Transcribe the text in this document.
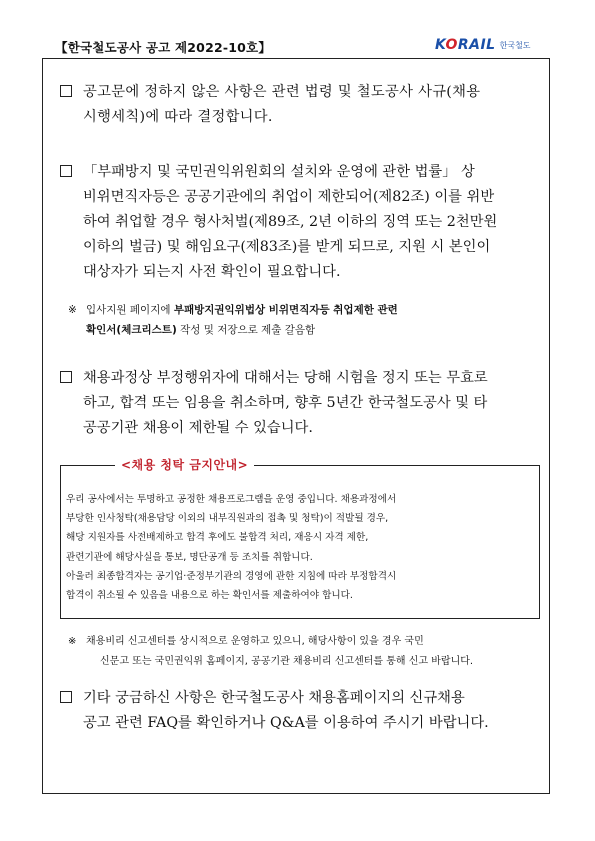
【한국철도공사 공고 제2022-10호】	KORAIL 한국철도
공고문에 정하지 않은 사항은 관련 법령 및 철도공사 사규(채용
시행세칙)에 따라 결정합니다.
「부패방지 및 국민권익위원회의 설치와 운영에 관한 법률」 상
비위면직자등은 공공기관에의 취업이 제한되어(제82조) 이를 위반
하여 취업할 경우 형사처벌(제89조, 2년 이하의 징역 또는 2천만원
이하의 벌금) 및 해임요구(제83조)를 받게 되므로, 지원 시 본인이
대상자가 되는지 사전 확인이 필요합니다.
※ 입사지원 페이지에 부패방지권익위법상 비위면직자등 취업제한 관련
확인서(체크리스트) 작성 및 저장으로 제출 갈음함
채용과정상 부정행위자에 대해서는 당해 시험을 정지 또는 무효로
하고, 합격 또는 임용을 취소하며, 향후 5년간 한국철도공사 및 타
공공기관 채용이 제한될 수 있습니다.
<채용 청탁 금지안내>

우리 공사에서는 투명하고 공정한 채용프로그램을 운영 중입니다. 채용과정에서

부당한 인사청탁(채용담당 이외의 내부직원과의 접촉 및 청탁)이 적발될 경우,

해당 지원자를 사전배제하고 합격 후에도 불합격 처리, 재응시 자격 제한,

관련기관에 해당사실을 통보, 명단공개 등 조치를 취합니다.

아울러 최종합격자는 공기업·준정부기관의 경영에 관한 지침에 따라 부정합격시

합격이 취소될 수 있음을 내용으로 하는 확인서를 제출하여야 합니다.

※ 채용비리 신고센터를 상시적으로 운영하고 있으니, 해당사항이 있을 경우 국민
신문고 또는 국민권익위 홈페이지, 공공기관 채용비리 신고센터를 통해 신고 바랍니다.
기타 궁금하신 사항은 한국철도공사 채용홈페이지의 신규채용
공고 관련 FAQ를 확인하거나 Q&A를 이용하여 주시기 바랍니다.
